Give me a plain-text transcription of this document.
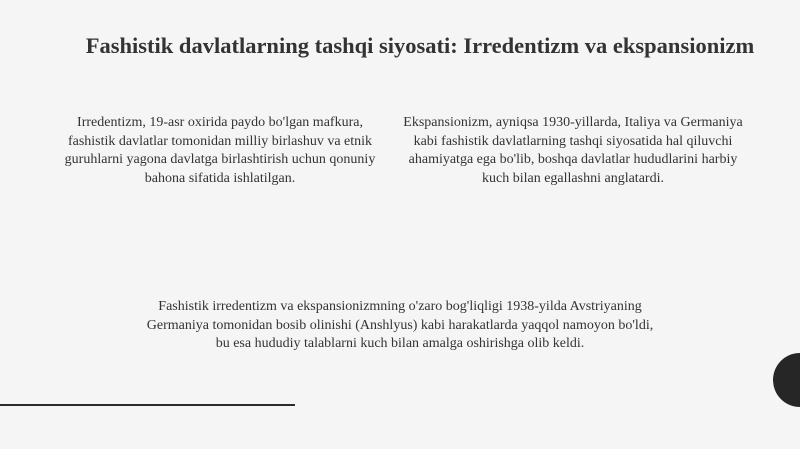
Fashistik davlatlarning tashqi siyosati: Irredentizm va ekspansionizm

Irredentizm, 19-asr oxirida paydo bo'lgan mafkura, fashistik davlatlar tomonidan milliy birlashuv va etnik guruhlarni yagona davlatga birlashtirish uchun qonuniy bahona sifatida ishlatilgan.

Ekspansionizm, ayniqsa 1930-yillarda, Italiya va Germaniya kabi fashistik davlatlarning tashqi siyosatida hal qiluvchi ahamiyatga ega bo'lib, boshqa davlatlar hududlarini harbiy kuch bilan egallashni anglatardi.

Fashistik irredentizm va ekspansionizmning o'zaro bog'liqligi 1938-yilda Avstriyaning Germaniya tomonidan bosib olinishi (Anshlyus) kabi harakatlarda yaqqol namoyon bo'ldi, bu esa hududiy talablarni kuch bilan amalga oshirishga olib keldi.
